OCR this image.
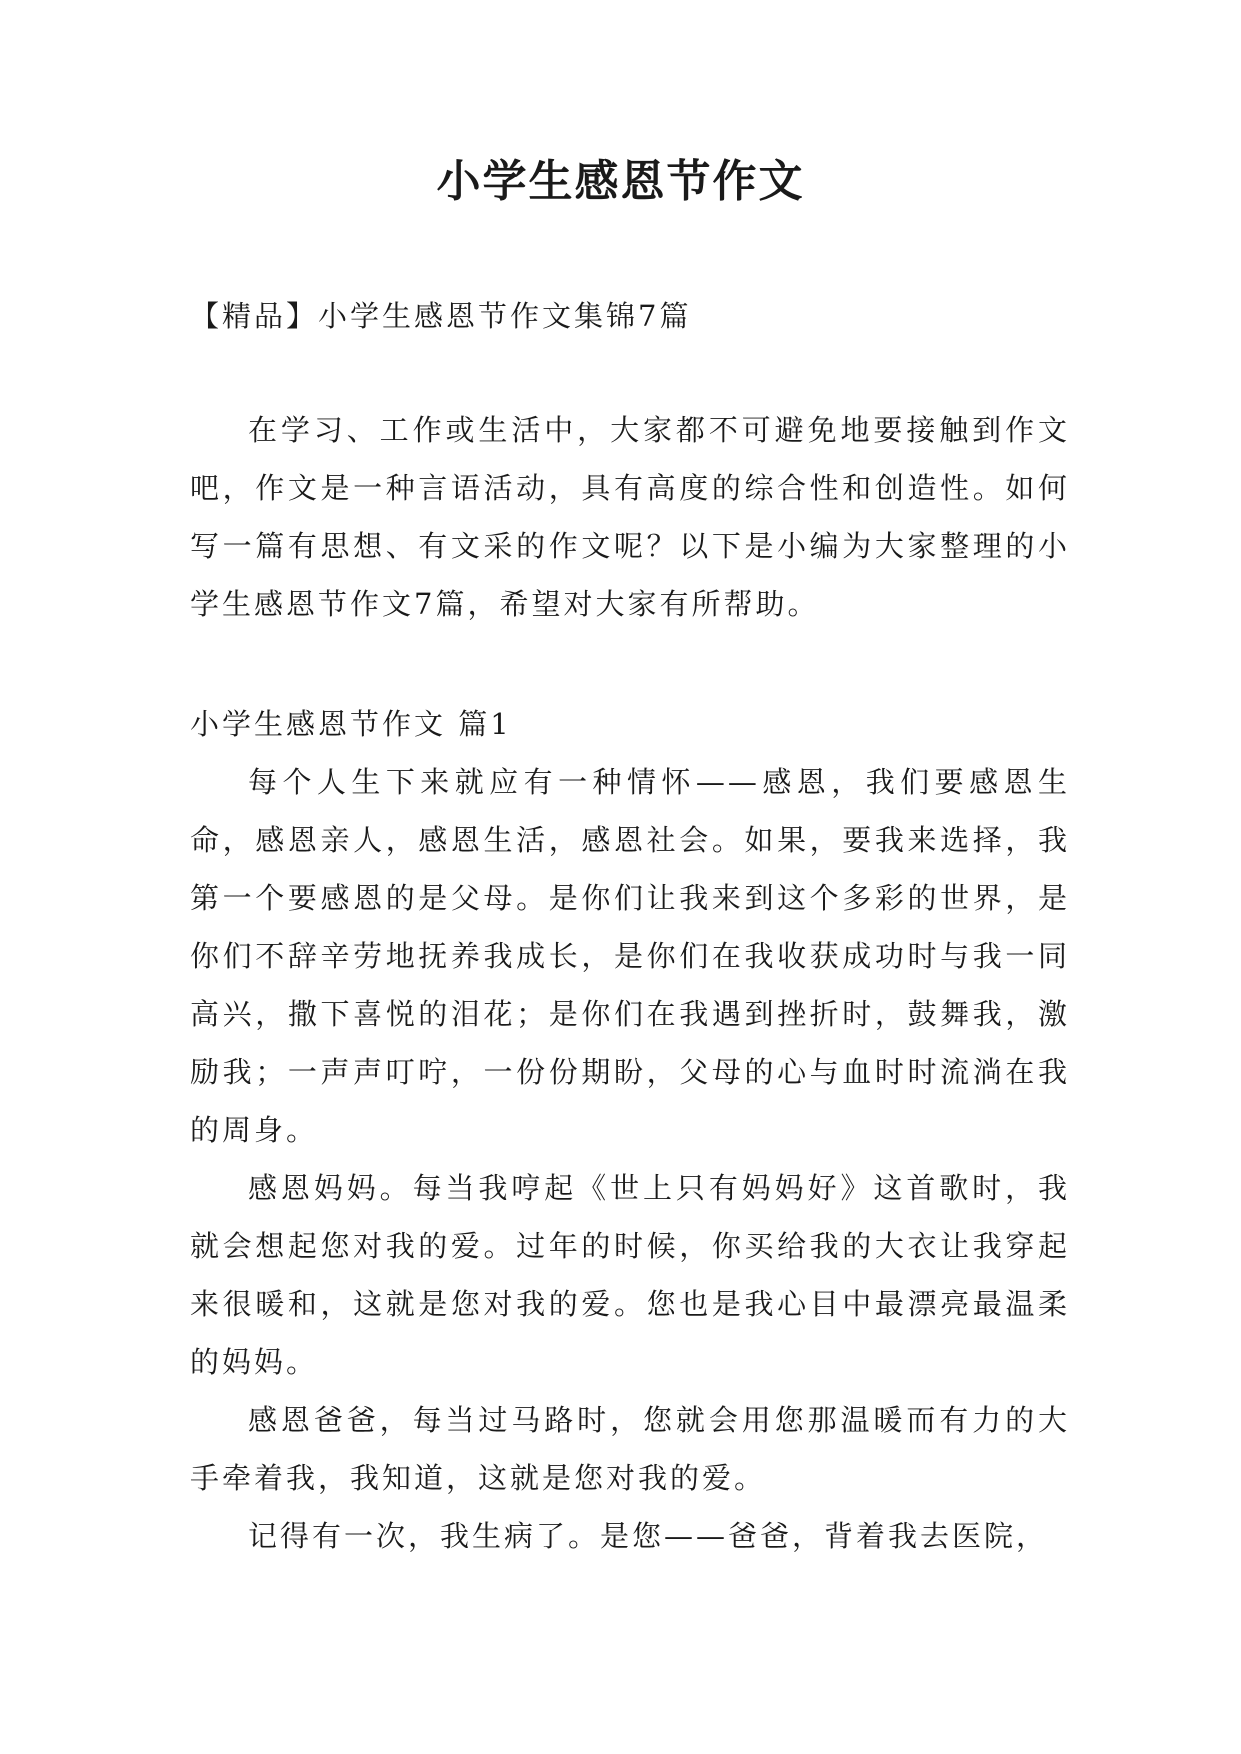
小学生感恩节作文
【精品】小学生感恩节作文集锦7篇

在学习、工作或生活中，大家都不可避免地要接触到作文吧，作文是一种言语活动，具有高度的综合性和创造性。如何写一篇有思想、有文采的作文呢？以下是小编为大家整理的小学生感恩节作文7篇，希望对大家有所帮助。

小学生感恩节作文 篇1

每个人生下来就应有一种情怀——感恩，我们要感恩生命，感恩亲人，感恩生活，感恩社会。如果，要我来选择，我第一个要感恩的是父母。是你们让我来到这个多彩的世界，是你们不辞辛劳地抚养我成长，是你们在我收获成功时与我一同高兴，撒下喜悦的泪花；是你们在我遇到挫折时，鼓舞我，激励我；一声声叮咛，一份份期盼，父母的心与血时时流淌在我的周身。

感恩妈妈。每当我哼起《世上只有妈妈好》这首歌时，我就会想起您对我的爱。过年的时候，你买给我的大衣让我穿起来很暖和，这就是您对我的爱。您也是我心目中最漂亮最温柔的妈妈。

感恩爸爸，每当过马路时，您就会用您那温暖而有力的大手牵着我，我知道，这就是您对我的爱。

记得有一次，我生病了。是您——爸爸，背着我去医院，
